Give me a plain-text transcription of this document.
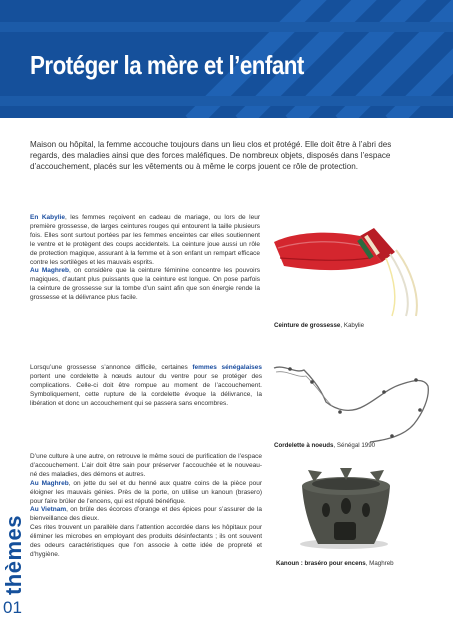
Protéger la mère et l’enfant

Maison ou hôpital, la femme accouche toujours dans un lieu clos et protégé. Elle doit être à l’abri des regards, des maladies ainsi que des forces maléfiques. De nombreux objets, disposés dans l’espace d’accouchement, placés sur les vêtements ou à même le corps jouent ce rôle de protection.

En Kabylie, les femmes reçoivent en cadeau de mariage, ou lors de leur première grossesse, de larges ceintures rouges qui entourent la taille plusieurs fois. Elles sont surtout portées par les femmes enceintes car elles soutiennent le ventre et le protègent des coups accidentels. La ceinture joue aussi un rôle de protection magique, assurant à la femme et à son enfant un rempart efficace contre les sortilèges et les mauvais esprits.

Au Maghreb, on considère que la ceinture féminine concentre les pouvoirs magiques, d’autant plus puissants que la ceinture est longue. On pose parfois la ceinture de grossesse sur la tombe d’un saint afin que son énergie rende la grossesse et la délivrance plus facile.

Ceinture de grossesse, Kabylie

Lorsqu’une grossesse s’annonce difficile, certaines femmes sénégalaises portent une cordelette à nœuds autour du ventre pour se protéger des complications. Celle-ci doit être rompue au moment de l’accouchement. Symboliquement, cette rupture de la cordelette évoque la délivrance, la libération et donc un accouchement qui se passera sans encombres.

Cordelette à noeuds, Sénégal 1990

D’une culture à une autre, on retrouve le même souci de purification de l’espace d’accouchement. L’air doit être sain pour préserver l’accouchée et le nouveau-né des maladies, des démons et autres.

Au Maghreb, on jette du sel et du henné aux quatre coins de la pièce pour éloigner les mauvais génies. Près de la porte, on utilise un kanoun (brasero) pour faire brûler de l’encens, qui est réputé bénéfique.

Au Vietnam, on brûle des écorces d’orange et des épices pour s’assurer de la bienveillance des dieux.

Ces rites trouvent un parallèle dans l’attention accordée dans les hôpitaux pour éliminer les microbes en employant des produits désinfectants ; ils ont souvent des odeurs caractéristiques que l’on associe à cette idée de propreté et d’hygiène.

Kanoun : braséro pour encens, Maghreb
thèmes
01
